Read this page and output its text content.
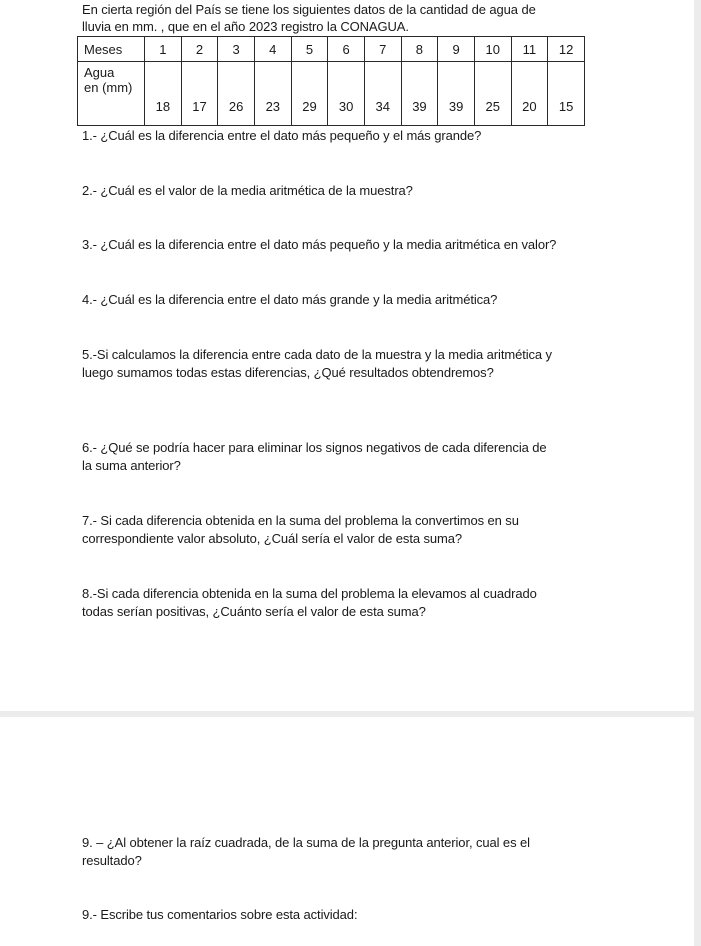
En cierta región del País se tiene los siguientes datos de la cantidad de agua de
lluvia en mm. , que en el año 2023 registro la CONAGUA.
Meses	1	2	3	4	5	6	7	8	9	10	11	12

Agua
en (mm)	18	17	26	23	29	30	34	39	39	25	20	15
1.- ¿Cuál es la diferencia entre el dato más pequeño y el más grande?
2.- ¿Cuál es el valor de la media aritmética de la muestra?
3.- ¿Cuál es la diferencia entre el dato más pequeño y la media aritmética en valor?
4.- ¿Cuál es la diferencia entre el dato más grande y la media aritmética?
5.-Si calculamos la diferencia entre cada dato de la muestra y la media aritmética y
luego sumamos todas estas diferencias, ¿Qué resultados obtendremos?
6.- ¿Qué se podría hacer para eliminar los signos negativos de cada diferencia de
la suma anterior?
7.- Si cada diferencia obtenida en la suma del problema la convertimos en su
correspondiente valor absoluto, ¿Cuál sería el valor de esta suma?
8.-Si cada diferencia obtenida en la suma del problema la elevamos al cuadrado
todas serían positivas, ¿Cuánto sería el valor de esta suma?
9. – ¿Al obtener la raíz cuadrada, de la suma de la pregunta anterior, cual es el
resultado?
9.- Escribe tus comentarios sobre esta actividad:
